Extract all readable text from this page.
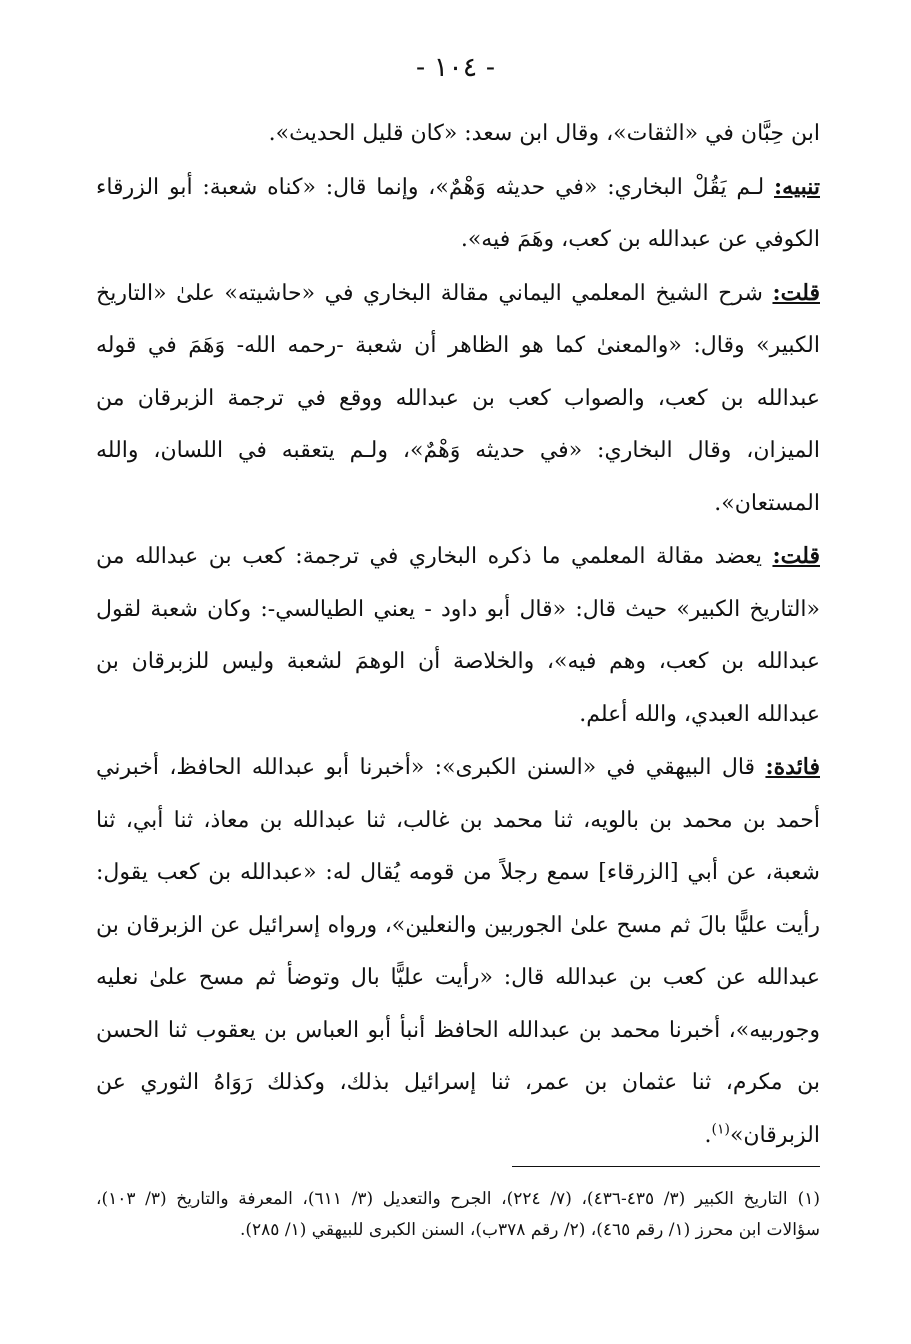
- ١٠٤ -

ابن حِبَّان في «الثقات»، وقال ابن سعد: «كان قليل الحديث».

تنبيه: لـم يَقُلْ البخاري: «في حديثه وَهْمٌ»، وإنما قال: «كناه شعبة: أبو الزرقاء الكوفي عن عبدالله بن كعب، وهَمَ فيه».

قلت: شرح الشيخ المعلمي اليماني مقالة البخاري في «حاشيته» علىٰ «التاريخ الكبير» وقال: «والمعنىٰ كما هو الظاهر أن شعبة -رحمه الله- وَهَمَ في قوله عبدالله بن كعب، والصواب كعب بن عبدالله ووقع في ترجمة الزبرقان من الميزان، وقال البخاري: «في حديثه وَهْمٌ»، ولـم يتعقبه في اللسان، والله المستعان».

قلت: يعضد مقالة المعلمي ما ذكره البخاري في ترجمة: كعب بن عبدالله من «التاريخ الكبير» حيث قال: «قال أبو داود - يعني الطيالسي-: وكان شعبة لقول عبدالله بن كعب، وهم فيه»، والخلاصة أن الوهمَ لشعبة وليس للزبرقان بن عبدالله العبدي، والله أعلم.

فائدة: قال البيهقي في «السنن الكبرى»: «أخبرنا أبو عبدالله الحافظ، أخبرني أحمد بن محمد بن بالويه، ثنا محمد بن غالب، ثنا عبدالله بن معاذ، ثنا أبي، ثنا شعبة، عن أبي [الزرقاء] سمع رجلاً من قومه يُقال له: «عبدالله بن كعب يقول: رأيت عليًّا بالَ ثم مسح علىٰ الجوربين والنعلين»، ورواه إسرائيل عن الزبرقان بن عبدالله عن كعب بن عبدالله قال: «رأيت عليًّا بال وتوضأ ثم مسح علىٰ نعليه وجوربيه»، أخبرنا محمد بن عبدالله الحافظ أنبأ أبو العباس بن يعقوب ثنا الحسن بن مكرم، ثنا عثمان بن عمر، ثنا إسرائيل بذلك، وكذلك رَوَاهُ الثوري عن الزبرقان»$^{(١)}$.

(١)التاريخ الكبير (٣/ ٤٣٥-٤٣٦)، (٧/ ٢٢٤)، الجرح والتعديل (٣/ ٦١١)، المعرفة والتاريخ (٣/ ١٠٣)، سؤالات ابن محرز (١/ رقم ٤٦٥)، (٢/ رقم ٣٧٨ب)، السنن الكبرى للبيهقي (١/ ٢٨٥).
